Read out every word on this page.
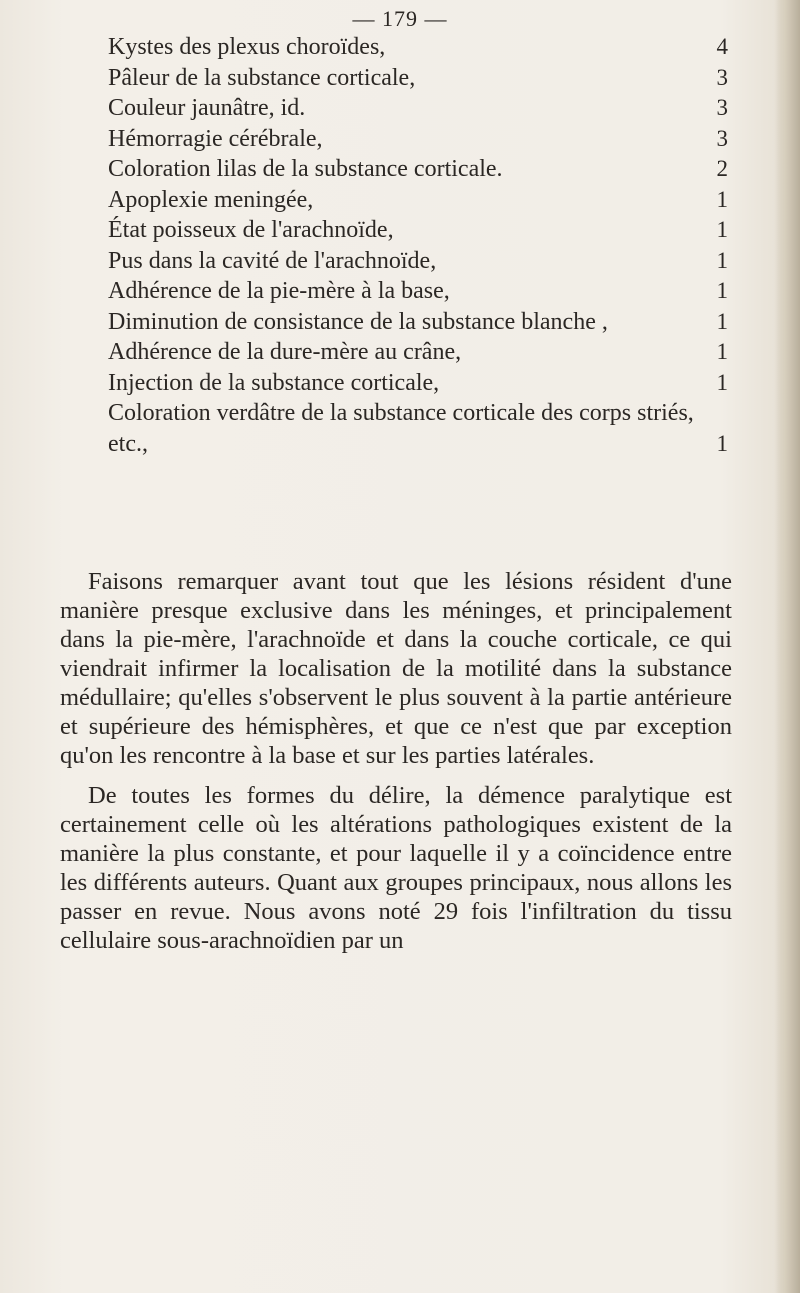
— 179 —
Kystes des plexus choroïdes,	4
Pâleur de la substance corticale,	3
Couleur jaunâtre, id.	3
Hémorragie cérébrale,	3
Coloration lilas de la substance corticale.	2
Apoplexie meningée,	1
État poisseux de l'arachnoïde,	1
Pus dans la cavité de l'arachnoïde,	1
Adhérence de la pie-mère à la base,	1
Diminution de consistance de la substance blanche ,	1
Adhérence de la dure-mère au crâne,	1
Injection de la substance corticale,	1
Coloration verdâtre de la substance corticale des corps striés, etc.,	1

Faisons remarquer avant tout que les lésions résident d'une manière presque exclusive dans les méninges, et principalement dans la pie-mère, l'arachnoïde et dans la couche corticale, ce qui viendrait infirmer la localisation de la motilité dans la substance médullaire; qu'elles s'observent le plus souvent à la partie antérieure et supérieure des hémisphères, et que ce n'est que par exception qu'on les rencontre à la base et sur les parties latérales.

De toutes les formes du délire, la démence paralytique est certainement celle où les altérations pathologiques existent de la manière la plus constante, et pour laquelle il y a coïncidence entre les différents auteurs. Quant aux groupes principaux, nous allons les passer en revue. Nous avons noté 29 fois l'infiltration du tissu cellulaire sous-arachnoïdien par un
